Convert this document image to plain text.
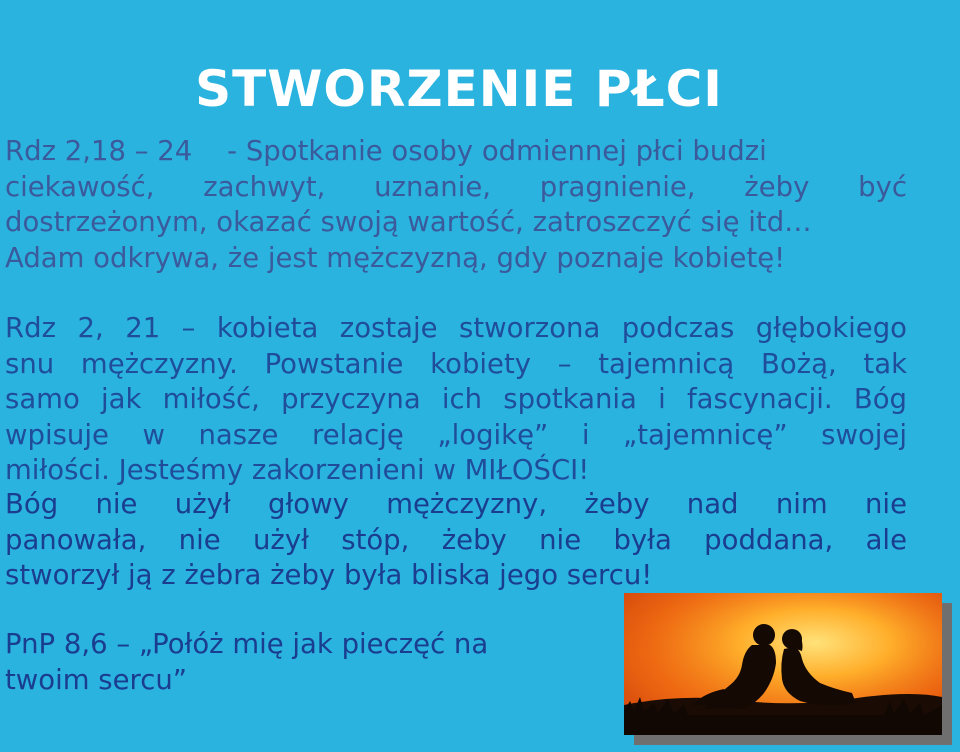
STWORZENIE PŁCI
Rdz 2,18 – 24    - Spotkanie osoby odmiennej płci budzi
ciekawość, zachwyt, uznanie, pragnienie, żeby być
dostrzeżonym, okazać swoją wartość, zatroszczyć się itd…
Adam odkrywa, że jest mężczyzną, gdy poznaje kobietę!
Rdz 2, 21 – kobieta zostaje stworzona podczas głębokiego
snu mężczyzny. Powstanie kobiety – tajemnicą Bożą, tak
samo jak miłość, przyczyna ich spotkania i fascynacji. Bóg
wpisuje w nasze relację „logikę” i „tajemnicę” swojej
miłości. Jesteśmy zakorzenieni w MIŁOŚCI!
Bóg nie użył głowy mężczyzny, żeby nad nim nie
panowała, nie użył stóp, żeby nie była poddana, ale
stworzył ją z żebra żeby była bliska jego sercu!
PnP 8,6 – „Połóż mię jak pieczęć na
twoim sercu”
